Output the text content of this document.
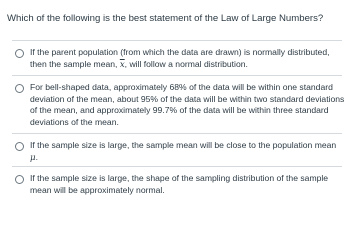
Which of the following is the best statement of the Law of Large Numbers?
If the parent population (from which the data are drawn) is normally distributed, then the sample mean, $\overline{x}$, will follow a normal distribution.
For bell-shaped data, approximately 68% of the data will be within one standard deviation of the mean, about 95% of the data will be within two standard deviations of the mean, and approximately 99.7% of the data will be within three standard deviations of the mean.
If the sample size is large, the sample mean will be close to the population mean μ.
If the sample size is large, the shape of the sampling distribution of the sample mean will be approximately normal.
